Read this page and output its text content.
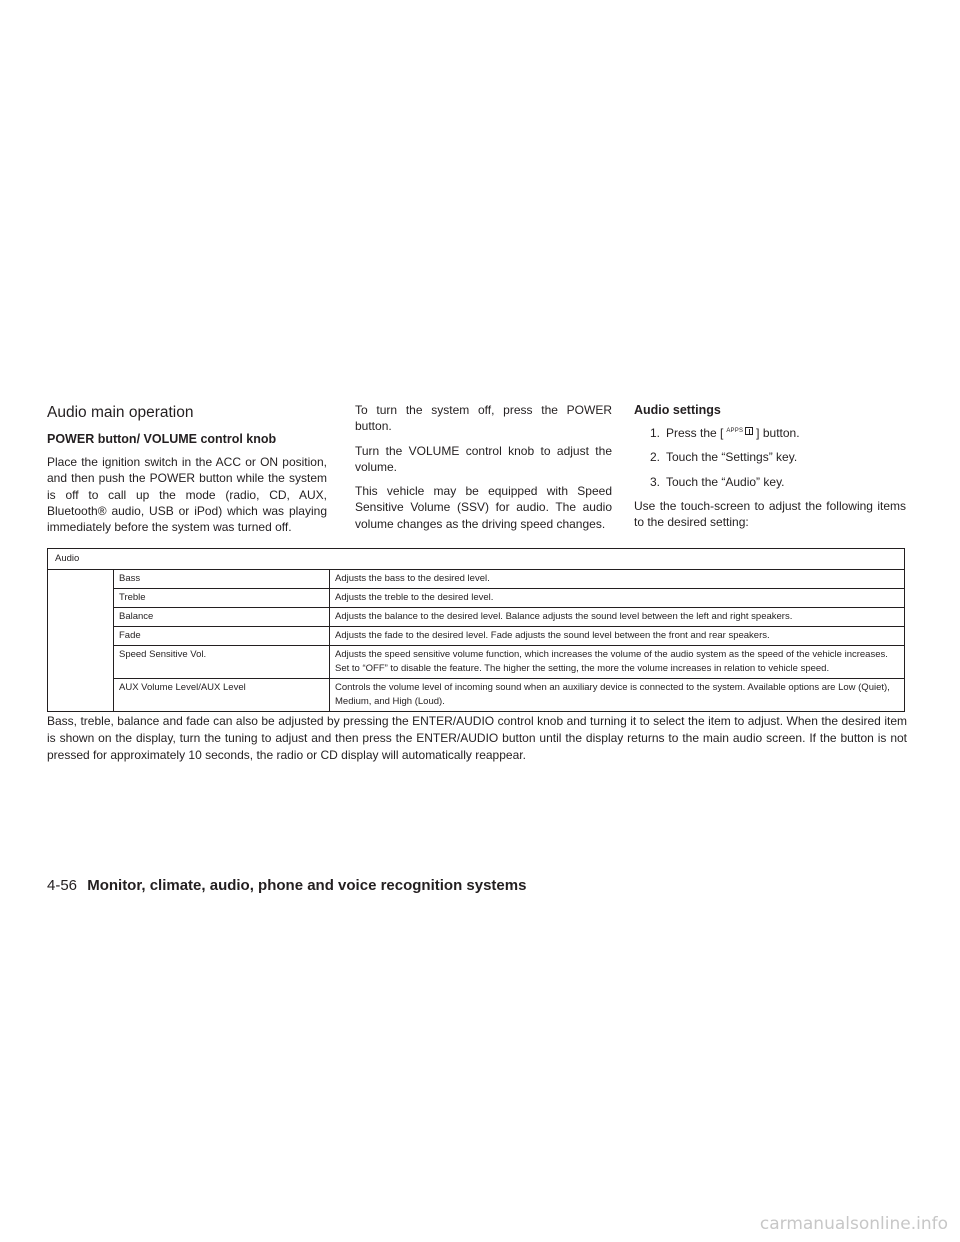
Audio main operation
POWER button/ VOLUME control knob

Place the ignition switch in the ACC or ON position, and then push the POWER button while the system is off to call up the mode (radio, CD, AUX, Bluetooth® audio, USB or iPod) which was playing immediately before the system was turned off.

To turn the system off, press the POWER button.

Turn the VOLUME control knob to adjust the volume.

This vehicle may be equipped with Speed Sensitive Volume (SSV) for audio. The audio volume changes as the driving speed changes.

Audio settings
1. Press the [ APPS ] button.
2. Touch the “Settings” key.
3. Touch the “Audio” key.

Use the touch-screen to adjust the following items to the desired setting:

Audio		
	Bass	Adjusts the bass to the desired level.
	Treble	Adjusts the treble to the desired level.
	Balance	Adjusts the balance to the desired level. Balance adjusts the sound level between the left and right speakers.
	Fade	Adjusts the fade to the desired level. Fade adjusts the sound level between the front and rear speakers.
	Speed Sensitive Vol.	Adjusts the speed sensitive volume function, which increases the volume of the audio system as the speed of the vehicle increases. Set to “OFF” to disable the feature. The higher the setting, the more the volume increases in relation to vehicle speed.
	AUX Volume Level/AUX Level	Controls the volume level of incoming sound when an auxiliary device is connected to the system. Available options are Low (Quiet), Medium, and High (Loud).

Bass, treble, balance and fade can also be adjusted by pressing the ENTER/AUDIO control knob and turning it to select the item to adjust. When the desired item is shown on the display, turn the tuning to adjust and then press the ENTER/AUDIO button until the display returns to the main audio screen. If the button is not pressed for approximately 10 seconds, the radio or CD display will automatically reappear.

4-56 Monitor, climate, audio, phone and voice recognition systems
carmanualsonline.info
